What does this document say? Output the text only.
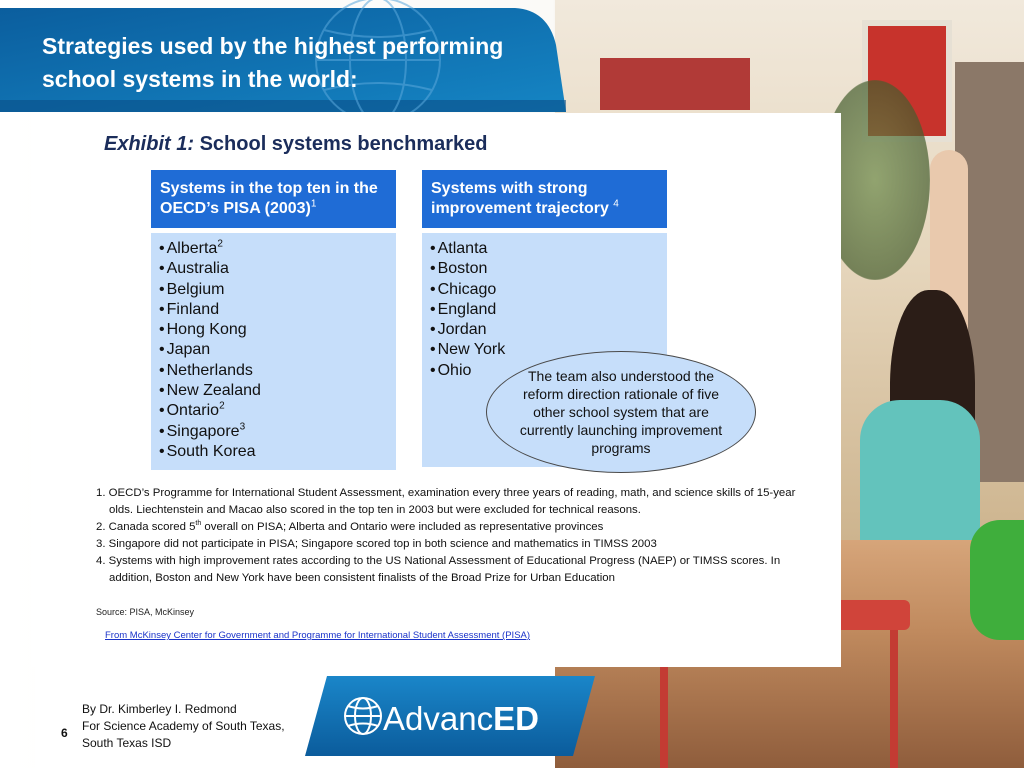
Strategies used by the highest performing
school systems in the world:
Exhibit 1: School systems benchmarked
Systems in the top ten in the OECD’s PISA $(2003)^1$
• Alberta$^2$
• Australia
• Belgium
• Finland
• Hong Kong
• Japan
• Netherlands
• New Zealand
• Ontario$^2$
• Singapore$^3$
• South Korea
Systems with strong improvement trajectory $^4$
• Atlanta
• Boston
• Chicago
• England
• Jordan
• New York
• Ohio	The team also understood the reform direction rationale of five other school system that are currently launching improvement programs
1. OECD’s Programme for International Student Assessment, examination every three years of reading, math, and science skills of 15-year olds. Liechtenstein and Macao also scored in the top ten in 2003 but were excluded for technical reasons.
2. Canada scored 5th overall on PISA; Alberta and Ontario were included as representative provinces
3. Singapore did not participate in PISA; Singapore scored top in both science and mathematics in TIMSS 2003
4. Systems with high improvement rates according to the US National Assessment of Educational Progress (NAEP) or TIMSS scores. In addition, Boston and New York have been consistent finalists of the Broad Prize for Urban Education
Source: PISA, McKinsey
From McKinsey Center for Government and Programme for International Student Assessment (PISA)
6
By Dr. Kimberley I. Redmond
For Science Academy of South Texas,
South Texas ISD
AdvancED
